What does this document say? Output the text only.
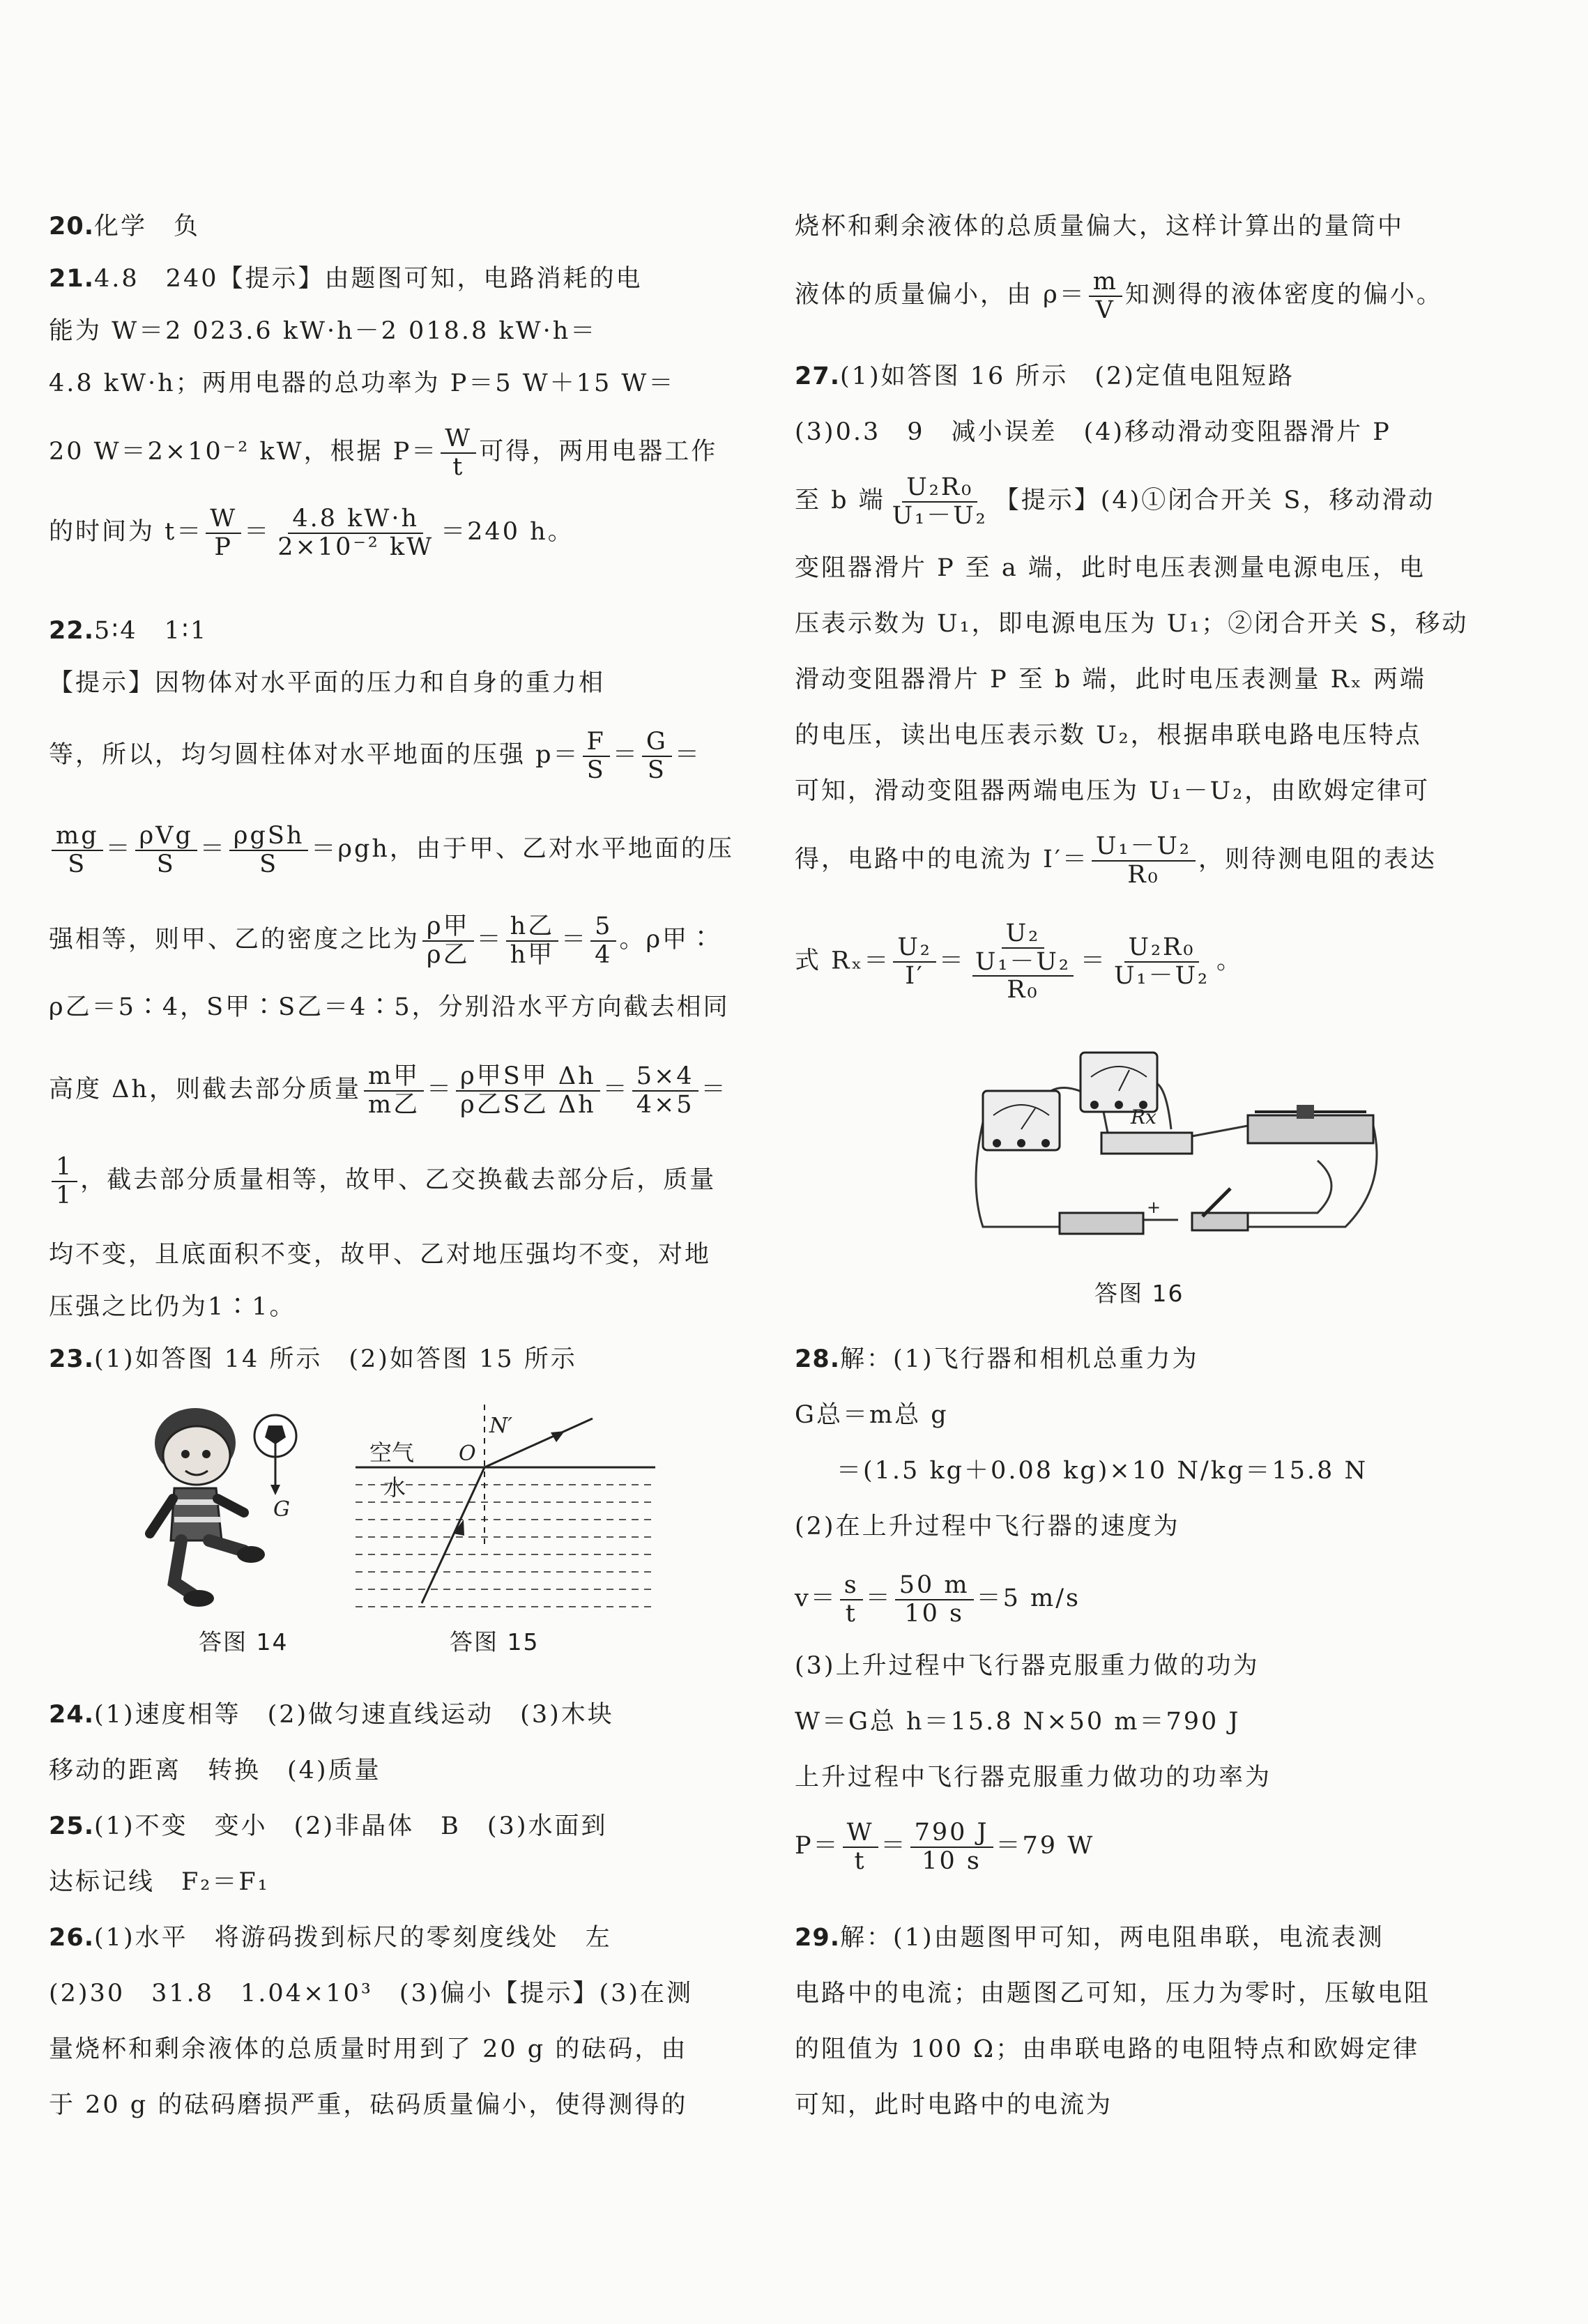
20.化学　负
21.4.8　240【提示】由题图可知，电路消耗的电
能为 W＝2 023.6 kW·h－2 018.8 kW·h＝
4.8 kW·h；两用电器的总功率为 P＝5 W＋15 W＝
20 W＝2×10⁻² kW，根据 $P= \frac{W}{t}$ 可得，两用电器工作
的时间为 $t= \frac{W}{P} = \frac{4.8 kW\cdot h}{\text{2×10⁻² kW}} =240$ h。
22.5∶4　1∶1
【提示】因物体对水平面的压力和自身的重力相
等，所以，均匀圆柱体对水平地面的压强 $p= \frac{F}{S} = \frac{G}{S}$ ＝
$\frac{mg}{S} = \frac{\text{ρVg}}{S} = \frac{\text{ρgSh}}{S} =\rho gh$，由于甲、乙对水平地面的压
强相等，则甲、乙的密度之比为 $\frac{\text{ρ甲}}{\text{ρ乙}} = \frac{\text{h乙}}{\text{h甲}} = \frac{5}{4}$ 。ρ甲∶
ρ乙＝5∶4，S甲∶S乙＝4∶5，分别沿水平方向截去相同
高度 Δh，则截去部分质量 $\frac{\text{m甲}}{\text{m乙}} = \frac{\text{ρ甲S甲 Δh}}{\text{ρ乙S乙 Δh}} = \frac{5\times 4}{4\times 5}$ ＝
$\frac{1}{1}$ ，截去部分质量相等，故甲、乙交换截去部分后，质量
均不变，且底面积不变，故甲、乙对地压强均不变，对地
压强之比仍为1∶1。
23.(1)如答图 14 所示　(2)如答图 15 所示
G
答图 14
N′
空气 O
水
答图 15
24.(1)速度相等　(2)做匀速直线运动　(3)木块
移动的距离　转换　(4)质量
25.(1)不变　变小　(2)非晶体　B　(3)水面到
达标记线　F₂＝F₁
26.(1)水平　将游码拨到标尺的零刻度线处　左
(2)30　31.8　1.04×10³　(3)偏小【提示】(3)在测
量烧杯和剩余液体的总质量时用到了 20 g 的砝码，由
于 20 g 的砝码磨损严重，砝码质量偏小，使得测得的
烧杯和剩余液体的总质量偏大，这样计算出的量筒中
液体的质量偏小，由 $\rho= \frac{m}{V}$ 知测得的液体密度的偏小。
27.(1)如答图 16 所示　(2)定值电阻短路
(3)0.3　9　减小误差　(4)移动滑动变阻器滑片 P
至 b 端 $\frac{\text{U₂R₀}}{\text{U₁－U₂}}$ 【提示】(4)①闭合开关 S，移动滑动
变阻器滑片 P 至 a 端，此时电压表测量电源电压，电
压表示数为 U₁，即电源电压为 U₁；②闭合开关 S，移动
滑动变阻器滑片 P 至 b 端，此时电压表测量 Rₓ 两端
的电压，读出电压表示数 U₂，根据串联电路电压特点
可知，滑动变阻器两端电压为 U₁－U₂，由欧姆定律可
得，电路中的电流为 $I'= \frac{\text{U₁－U₂}}{\text{R₀}}$ ，则待测电阻的表达
式 $R_x= \frac{\text{U₂}}{I'} = U_2$
U₁－U₂
$R_0 = \frac{\text{U₂R₀}}{\text{U₁－U₂}}$ 。
Rx
+
答图 16
28.解：(1)飞行器和相机总重力为
G总＝m总 g
＝(1.5 kg＋0.08 kg)×10 N/kg＝15.8 N
(2)在上升过程中飞行器的速度为
$v= \frac{s}{t} = \frac{50 m}{10 s} =5$ m/s
(3)上升过程中飞行器克服重力做的功为
W＝G总 h＝15.8 N×50 m＝790 J
上升过程中飞行器克服重力做功的功率为
$P= \frac{W}{t} = \frac{790 J}{10 s} =79$ W
29.解：(1)由题图甲可知，两电阻串联，电流表测
电路中的电流；由题图乙可知，压力为零时，压敏电阻
的阻值为 100 Ω；由串联电路的电阻特点和欧姆定律
可知，此时电路中的电流为
